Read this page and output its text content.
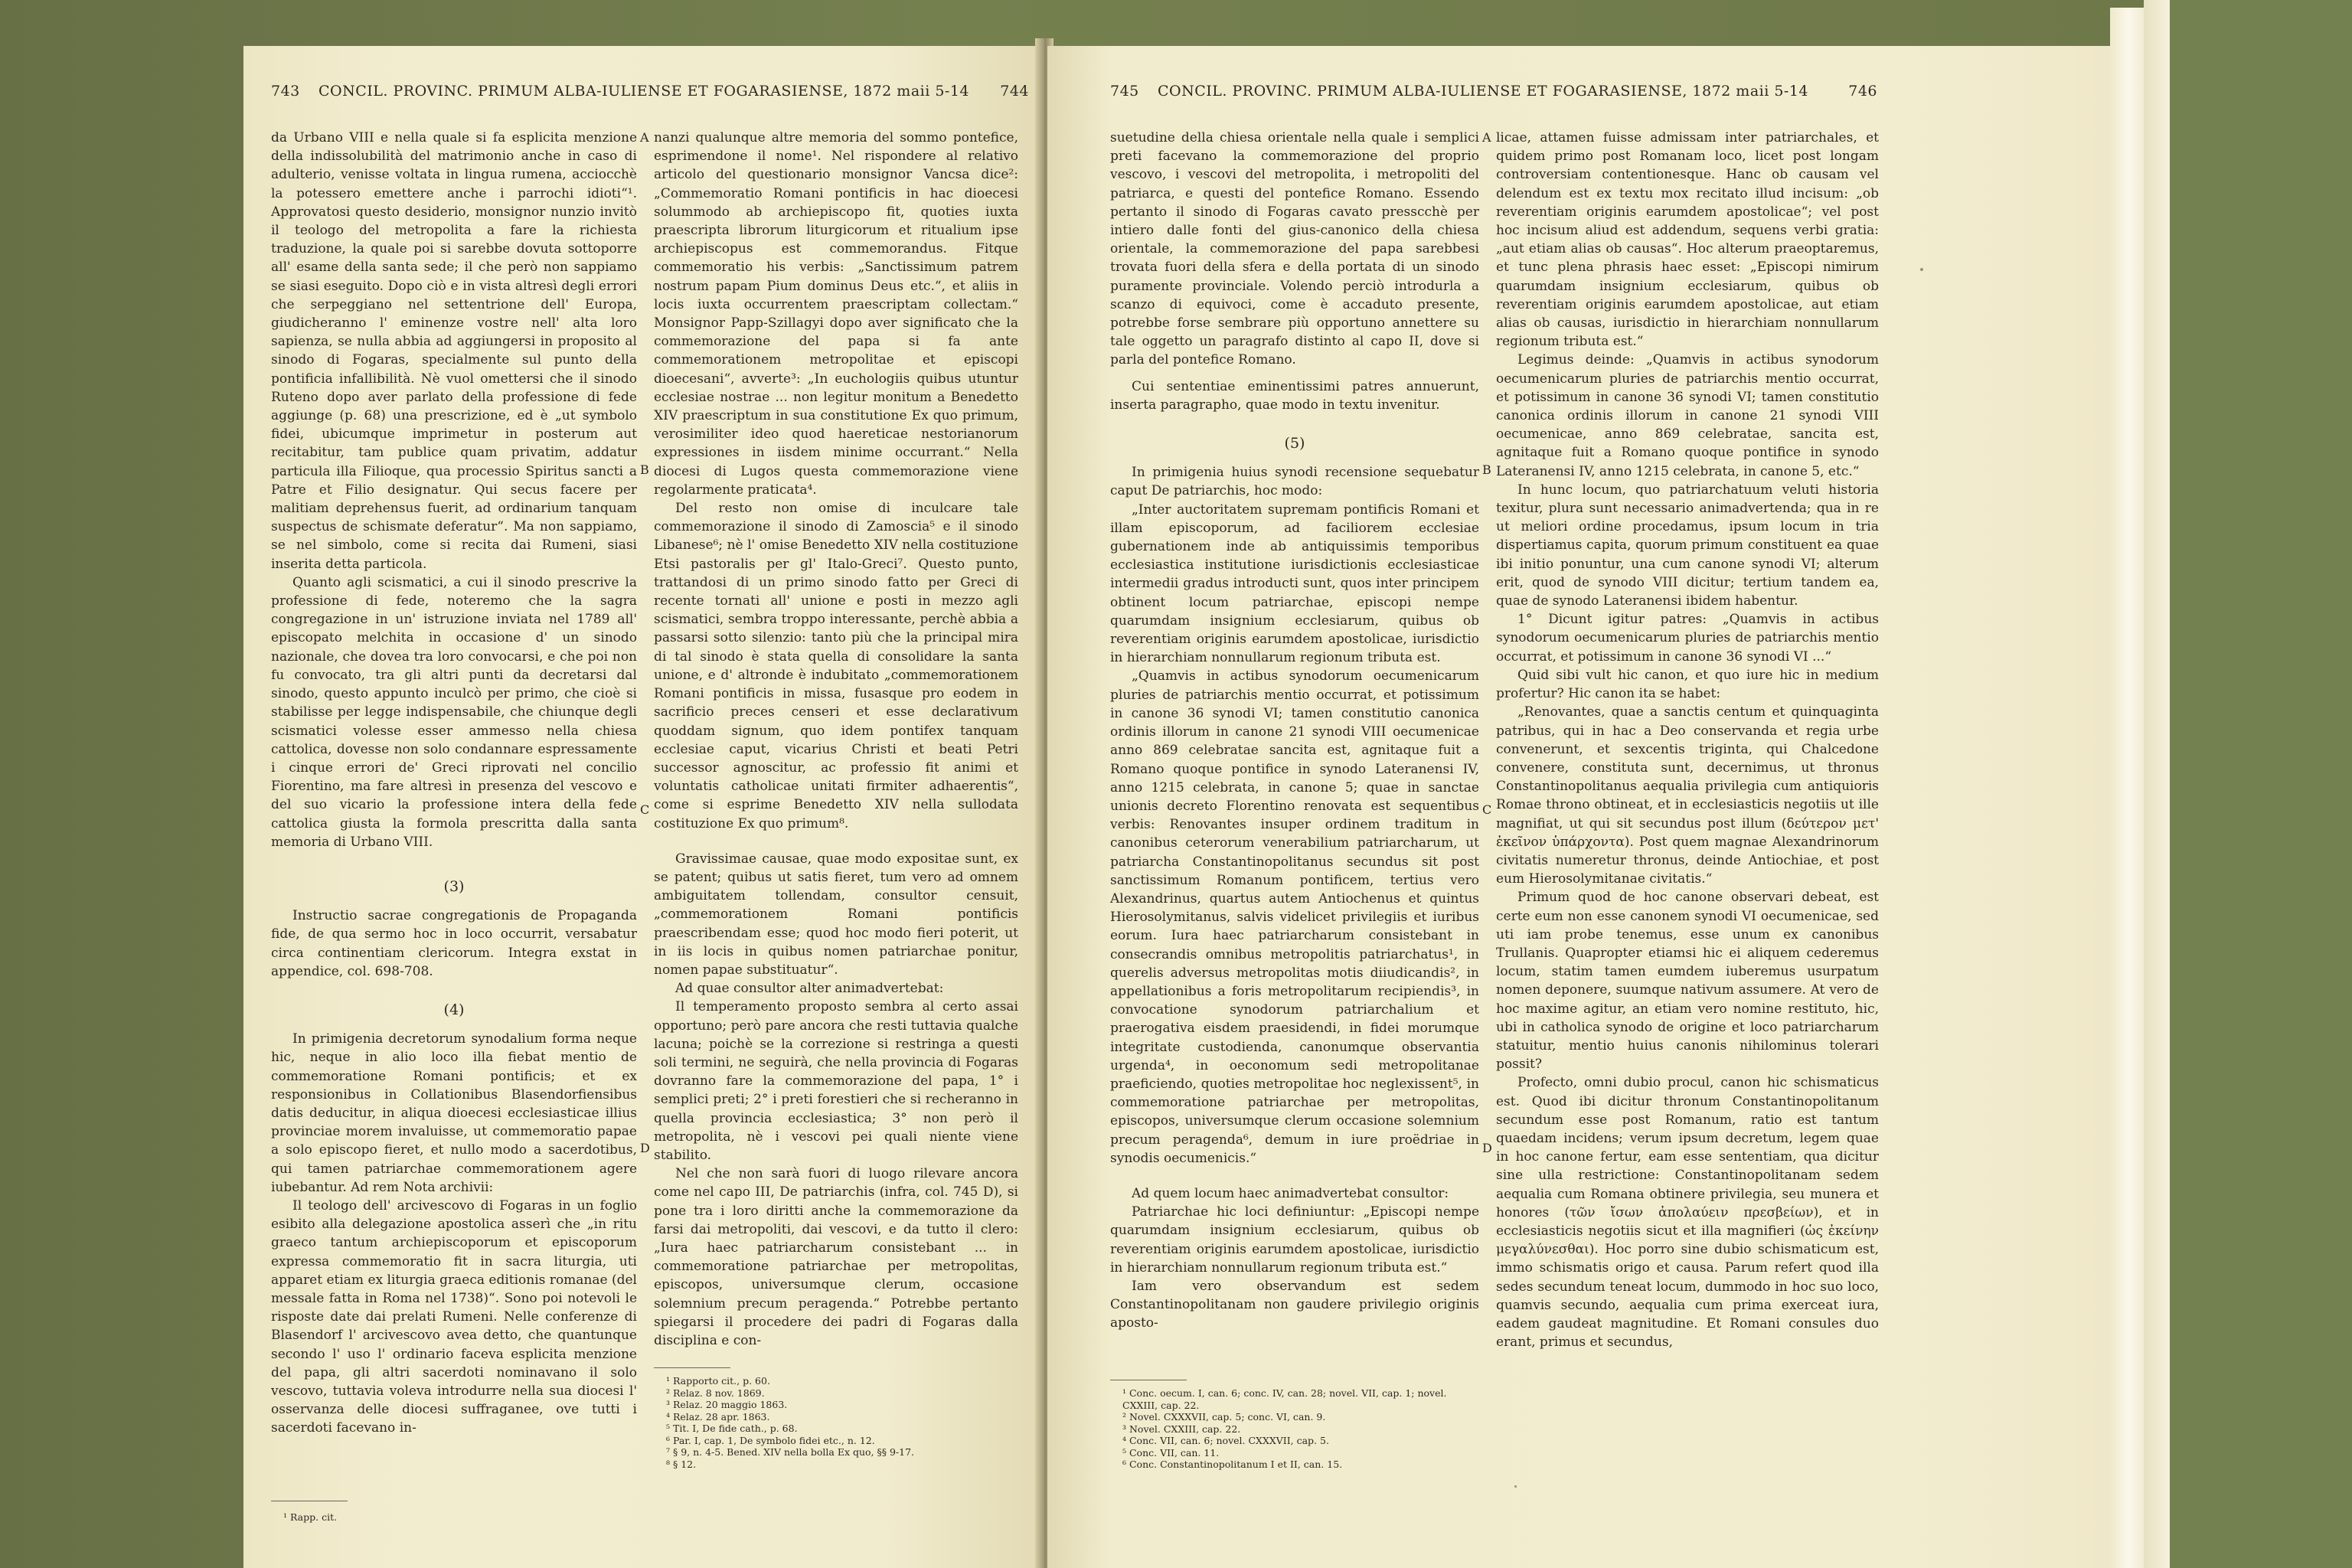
743 CONCIL. PROVINC. PRIMUM ALBA-IULIENSE ET FOGARASIENSE, 1872 maii 5-14 744

da Urbano VIII e nella quale si fa esplicita menzione della indissolubilità del matrimonio anche in caso di adulterio, venisse voltata in lingua rumena, acciocchè la potessero emettere anche i parrochi idioti“¹. Approvatosi questo desiderio, monsignor nunzio invitò il teologo del metropolita a fare la richiesta traduzione, la quale poi si sarebbe dovuta sottoporre all' esame della santa sede; il che però non sappiamo se siasi eseguito. Dopo ciò e in vista altresì degli errori che serpeggiano nel settentrione dell' Europa, giudicheranno l' eminenze vostre nell' alta loro sapienza, se nulla abbia ad aggiungersi in proposito al sinodo di Fogaras, specialmente sul punto della pontificia infallibilità. Nè vuol omettersi che il sinodo Ruteno dopo aver parlato della professione di fede aggiunge (p. 68) una prescrizione, ed è „ut symbolo fidei, ubicumque imprimetur in posterum aut recitabitur, tam publice quam privatim, addatur particula illa Filioque, qua processio Spiritus sancti a Patre et Filio designatur. Qui secus facere per malitiam deprehensus fuerit, ad ordinarium tanquam suspectus de schismate deferatur“. Ma non sappiamo, se nel simbolo, come si recita dai Rumeni, siasi inserita detta particola.

Quanto agli scismatici, a cui il sinodo prescrive la professione di fede, noteremo che la sagra congregazione in un' istruzione inviata nel 1789 all' episcopato melchita in occasione d' un sinodo nazionale, che dovea tra loro convocarsi, e che poi non fu convocato, tra gli altri punti da decretarsi dal sinodo, questo appunto inculcò per primo, che cioè si stabilisse per legge indispensabile, che chiunque degli scismatici volesse esser ammesso nella chiesa cattolica, dovesse non solo condannare espressamente i cinque errori de' Greci riprovati nel concilio Fiorentino, ma fare altresì in presenza del vescovo e del suo vicario la professione intera della fede cattolica giusta la formola prescritta dalla santa memoria di Urbano VIII.

(3)

Instructio sacrae congregationis de Propaganda fide, de qua sermo hoc in loco occurrit, versabatur circa continentiam clericorum. Integra exstat in appendice, col. 698-708.

(4)

In primigenia decretorum synodalium forma neque hic, neque in alio loco illa fiebat mentio de commemoratione Romani pontificis; et ex responsionibus in Collationibus Blasendorfiensibus datis deducitur, in aliqua dioecesi ecclesiasticae illius provinciae morem invaluisse, ut commemoratio papae a solo episcopo fieret, et nullo modo a sacerdotibus, qui tamen patriarchae commemorationem agere iubebantur. Ad rem Nota archivii:

Il teologo dell' arcivescovo di Fogaras in un foglio esibito alla delegazione apostolica asserì che „in ritu graeco tantum archiepiscoporum et episcoporum expressa commemoratio fit in sacra liturgia, uti apparet etiam ex liturgia graeca editionis romanae (del messale fatta in Roma nel 1738)“. Sono poi notevoli le risposte date dai prelati Rumeni. Nelle conferenze di Blasendorf l' arcivescovo avea detto, che quantunque secondo l' uso l' ordinario faceva esplicita menzione del papa, gli altri sacerdoti nominavano il solo vescovo, tuttavia voleva introdurre nella sua diocesi l' osservanza delle diocesi suffraganee, ove tutti i sacerdoti facevano in-

¹ Rapp. cit.
A
B
C
D

nanzi qualunque altre memoria del sommo pontefice, esprimendone il nome¹. Nel rispondere al relativo articolo del questionario monsignor Vancsa dice²: „Commemoratio Romani pontificis in hac dioecesi solummodo ab archiepiscopo fit, quoties iuxta praescripta librorum liturgicorum et ritualium ipse archiepiscopus est commemorandus. Fitque commemoratio his verbis: „Sanctissimum patrem nostrum papam Pium dominus Deus etc.“, et aliis in locis iuxta occurrentem praescriptam collectam.“ Monsignor Papp-Szillagyi dopo aver significato che la commemorazione del papa si fa ante commemorationem metropolitae et episcopi dioecesani“, avverte³: „In euchologiis quibus utuntur ecclesiae nostrae ... non legitur monitum a Benedetto XIV praescriptum in sua constitutione Ex quo primum, verosimiliter ideo quod haereticae nestorianorum expressiones in iisdem minime occurrant.“ Nella diocesi di Lugos questa commemorazione viene regolarmente praticata⁴.

Del resto non omise di inculcare tale commemorazione il sinodo di Zamoscia⁵ e il sinodo Libanese⁶; nè l' omise Benedetto XIV nella costituzione Etsi pastoralis per gl' Italo-Greci⁷. Questo punto, trattandosi di un primo sinodo fatto per Greci di recente tornati all' unione e posti in mezzo agli scismatici, sembra troppo interessante, perchè abbia a passarsi sotto silenzio: tanto più che la principal mira di tal sinodo è stata quella di consolidare la santa unione, e d' altronde è indubitato „commemorationem Romani pontificis in missa, fusasque pro eodem in sacrificio preces censeri et esse declarativum quoddam signum, quo idem pontifex tanquam ecclesiae caput, vicarius Christi et beati Petri successor agnoscitur, ac professio fit animi et voluntatis catholicae unitati firmiter adhaerentis“, come si esprime Benedetto XIV nella sullodata costituzione Ex quo primum⁸.

Gravissimae causae, quae modo expositae sunt, ex se patent; quibus ut satis fieret, tum vero ad omnem ambiguitatem tollendam, consultor censuit, „commemorationem Romani pontificis praescribendam esse; quod hoc modo fieri poterit, ut in iis locis in quibus nomen patriarchae ponitur, nomen papae substituatur“.

Ad quae consultor alter animadvertebat:

Il temperamento proposto sembra al certo assai opportuno; però pare ancora che resti tuttavia qualche lacuna; poichè se la correzione si restringa a questi soli termini, ne seguirà, che nella provincia di Fogaras dovranno fare la commemorazione del papa, 1° i semplici preti; 2° i preti forestieri che si recheranno in quella provincia ecclesiastica; 3° non però il metropolita, nè i vescovi pei quali niente viene stabilito.

Nel che non sarà fuori di luogo rilevare ancora come nel capo III, De patriarchis (infra, col. 745 D), si pone tra i loro diritti anche la commemorazione da farsi dai metropoliti, dai vescovi, e da tutto il clero: „Iura haec patriarcharum consistebant ... in commemoratione patriarchae per metropolitas, episcopos, universumque clerum, occasione solemnium precum peragenda.“ Potrebbe pertanto spiegarsi il procedere dei padri di Fogaras dalla disciplina e con-

¹ Rapporto cit., p. 60.
² Relaz. 8 nov. 1869.
³ Relaz. 20 maggio 1863.
⁴ Relaz. 28 apr. 1863.
⁵ Tit. I, De fide cath., p. 68.
⁶ Par. I, cap. 1, De symbolo fidei etc., n. 12.
⁷ § 9, n. 4-5. Bened. XIV nella bolla Ex quo, §§ 9-17.
⁸ § 12.
745 CONCIL. PROVINC. PRIMUM ALBA-IULIENSE ET FOGARASIENSE, 1872 maii 5-14	746

suetudine della chiesa orientale nella quale i semplici preti facevano la commemorazione del proprio vescovo, i vescovi del metropolita, i metropoliti del patriarca, e questi del pontefice Romano. Essendo pertanto il sinodo di Fogaras cavato presscchè per intiero dalle fonti del gius-canonico della chiesa orientale, la commemorazione del papa sarebbesi trovata fuori della sfera e della portata di un sinodo puramente provinciale. Volendo perciò introdurla a scanzo di equivoci, come è accaduto presente, potrebbe forse sembrare più opportuno annettere su tale oggetto un paragrafo distinto al capo II, dove si parla del pontefice Romano.

Cui sententiae eminentissimi patres annuerunt, inserta paragrapho, quae modo in textu invenitur.

(5)

In primigenia huius synodi recensione sequebatur caput De patriarchis, hoc modo:

„Inter auctoritatem supremam pontificis Romani et illam episcoporum, ad faciliorem ecclesiae gubernationem inde ab antiquissimis temporibus ecclesiastica institutione iurisdictionis ecclesiasticae intermedii gradus introducti sunt, quos inter principem obtinent locum patriarchae, episcopi nempe quarumdam insignium ecclesiarum, quibus ob reverentiam originis earumdem apostolicae, iurisdictio in hierarchiam nonnullarum regionum tributa est.

„Quamvis in actibus synodorum oecumenicarum pluries de patriarchis mentio occurrat, et potissimum in canone 36 synodi VI; tamen constitutio canonica ordinis illorum in canone 21 synodi VIII oecumenicae anno 869 celebratae sancita est, agnitaque fuit a Romano quoque pontifice in synodo Lateranensi IV, anno 1215 celebrata, in canone 5; quae in sanctae unionis decreto Florentino renovata est sequentibus verbis: Renovantes insuper ordinem traditum in canonibus ceterorum venerabilium patriarcharum, ut patriarcha Constantinopolitanus secundus sit post sanctissimum Romanum pontificem, tertius vero Alexandrinus, quartus autem Antiochenus et quintus Hierosolymitanus, salvis videlicet privilegiis et iuribus eorum. Iura haec patriarcharum consistebant in consecrandis omnibus metropolitis patriarchatus¹, in querelis adversus metropolitas motis diiudicandis², in appellationibus a foris metropolitarum recipiendis³, in convocatione synodorum patriarchalium et praerogativa eisdem praesidendi, in fidei morumque integritate custodienda, canonumque observantia urgenda⁴, in oeconomum sedi metropolitanae praeficiendo, quoties metropolitae hoc neglexissent⁵, in commemoratione patriarchae per metropolitas, episcopos, universumque clerum occasione solemnium precum peragenda⁶, demum in iure proëdriae in synodis oecumenicis.“

Ad quem locum haec animadvertebat consultor:

Patriarchae hic loci definiuntur: „Episcopi nempe quarumdam insignium ecclesiarum, quibus ob reverentiam originis earumdem apostolicae, iurisdictio in hierarchiam nonnullarum regionum tributa est.“

Iam vero observandum est sedem Constantinopolitanam non gaudere privilegio originis aposto-

¹ Conc. oecum. I, can. 6; conc. IV, can. 28; novel. VII, cap. 1; novel. CXXIII, cap. 22.
² Novel. CXXXVII, cap. 5; conc. VI, can. 9.
³ Novel. CXXIII, cap. 22.
⁴ Conc. VII, can. 6; novel. CXXXVII, cap. 5.
⁵ Conc. VII, can. 11.
⁶ Conc. Constantinopolitanum I et II, can. 15.
A
B
C
D

licae, attamen fuisse admissam inter patriarchales, et quidem primo post Romanam loco, licet post longam controversiam contentionesque. Hanc ob causam vel delendum est ex textu mox recitato illud incisum: „ob reverentiam originis earumdem apostolicae“; vel post hoc incisum aliud est addendum, sequens verbi gratia: „aut etiam alias ob causas“. Hoc alterum praeoptaremus, et tunc plena phrasis haec esset: „Episcopi nimirum quarumdam insignium ecclesiarum, quibus ob reverentiam originis earumdem apostolicae, aut etiam alias ob causas, iurisdictio in hierarchiam nonnullarum regionum tributa est.“

Legimus deinde: „Quamvis in actibus synodorum oecumenicarum pluries de patriarchis mentio occurrat, et potissimum in canone 36 synodi VI; tamen constitutio canonica ordinis illorum in canone 21 synodi VIII oecumenicae, anno 869 celebratae, sancita est, agnitaque fuit a Romano quoque pontifice in synodo Lateranensi IV, anno 1215 celebrata, in canone 5, etc.“

In hunc locum, quo patriarchatuum veluti historia texitur, plura sunt necessario animadvertenda; qua in re ut meliori ordine procedamus, ipsum locum in tria dispertiamus capita, quorum primum constituent ea quae ibi initio ponuntur, una cum canone synodi VI; alterum erit, quod de synodo VIII dicitur; tertium tandem ea, quae de synodo Lateranensi ibidem habentur.

1° Dicunt igitur patres: „Quamvis in actibus synodorum oecumenicarum pluries de patriarchis mentio occurrat, et potissimum in canone 36 synodi VI ...“

Quid sibi vult hic canon, et quo iure hic in medium profertur? Hic canon ita se habet:

„Renovantes, quae a sanctis centum et quinquaginta patribus, qui in hac a Deo conservanda et regia urbe convenerunt, et sexcentis triginta, qui Chalcedone convenere, constituta sunt, decernimus, ut thronus Constantinopolitanus aequalia privilegia cum antiquioris Romae throno obtineat, et in ecclesiasticis negotiis ut ille magnifiat, ut qui sit secundus post illum (δεύτερον μετ' ἐκεῖνον ὑπάρχοντα). Post quem magnae Alexandrinorum civitatis numeretur thronus, deinde Antiochiae, et post eum Hierosolymitanae civitatis.“

Primum quod de hoc canone observari debeat, est certe eum non esse canonem synodi VI oecumenicae, sed uti iam probe tenemus, esse unum ex canonibus Trullanis. Quapropter etiamsi hic ei aliquem cederemus locum, statim tamen eumdem iuberemus usurpatum nomen deponere, suumque nativum assumere. At vero de hoc maxime agitur, an etiam vero nomine restituto, hic, ubi in catholica synodo de origine et loco patriarcharum statuitur, mentio huius canonis nihilominus tolerari possit?

Profecto, omni dubio procul, canon hic schismaticus est. Quod ibi dicitur thronum Constantinopolitanum secundum esse post Romanum, ratio est tantum quaedam incidens; verum ipsum decretum, legem quae in hoc canone fertur, eam esse sententiam, qua dicitur sine ulla restrictione: Constantinopolitanam sedem aequalia cum Romana obtinere privilegia, seu munera et honores (τῶν ἴσων ἀπολαύειν πρεσβείων), et in ecclesiasticis negotiis sicut et illa magnifieri (ὡς ἐκείνην μεγαλύνεσθαι). Hoc porro sine dubio schismaticum est, immo schismatis origo et causa. Parum refert quod illa sedes secundum teneat locum, dummodo in hoc suo loco, quamvis secundo, aequalia cum prima exerceat iura, eadem gaudeat magnitudine. Et Romani consules duo erant, primus et secundus,
